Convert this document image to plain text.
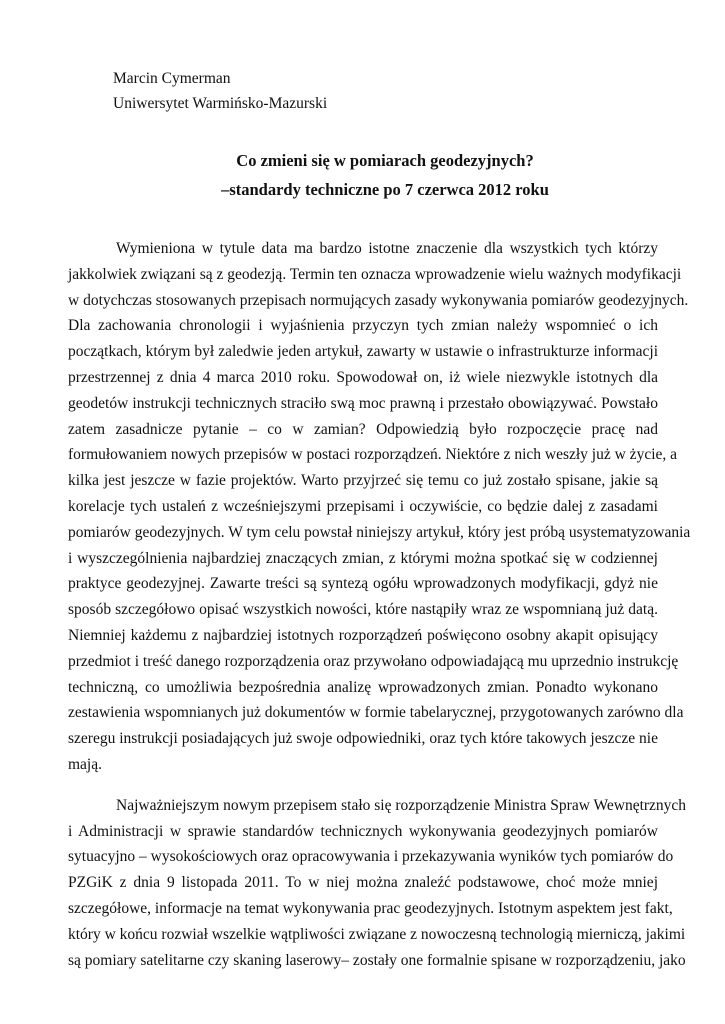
Marcin Cymerman
Uniwersytet Warmińsko-Mazurski
Co zmieni się w pomiarach geodezyjnych?
–standardy techniczne po 7 czerwca 2012 roku
Wymieniona w tytule data ma bardzo istotne znaczenie dla wszystkich tych którzy
jakkolwiek związani są z geodezją. Termin ten oznacza wprowadzenie wielu ważnych modyfikacji
w dotychczas stosowanych przepisach normujących zasady wykonywania pomiarów geodezyjnych.
Dla zachowania chronologii i wyjaśnienia przyczyn tych zmian należy wspomnieć o ich
początkach, którym był zaledwie jeden artykuł, zawarty w ustawie o infrastrukturze informacji
przestrzennej z dnia 4 marca 2010 roku. Spowodował on, iż wiele niezwykle istotnych dla
geodetów instrukcji technicznych straciło swą moc prawną i przestało obowiązywać. Powstało
zatem zasadnicze pytanie – co w zamian? Odpowiedzią było rozpoczęcie pracę nad
formułowaniem nowych przepisów w postaci rozporządzeń. Niektóre z nich weszły już w życie, a
kilka jest jeszcze w fazie projektów. Warto przyjrzeć się temu co już zostało spisane, jakie są
korelacje tych ustaleń z wcześniejszymi przepisami i oczywiście, co będzie dalej z zasadami
pomiarów geodezyjnych. W tym celu powstał niniejszy artykuł, który jest próbą usystematyzowania
i wyszczególnienia najbardziej znaczących zmian, z którymi można spotkać się w codziennej
praktyce geodezyjnej. Zawarte treści są syntezą ogółu wprowadzonych modyfikacji, gdyż nie
sposób szczegółowo opisać wszystkich nowości, które nastąpiły wraz ze wspomnianą już datą.
Niemniej każdemu z najbardziej istotnych rozporządzeń poświęcono osobny akapit opisujący
przedmiot i treść danego rozporządzenia oraz przywołano odpowiadającą mu uprzednio instrukcję
techniczną, co umożliwia bezpośrednia analizę wprowadzonych zmian. Ponadto wykonano
zestawienia wspomnianych już dokumentów w formie tabelarycznej, przygotowanych zarówno dla
szeregu instrukcji posiadających już swoje odpowiedniki, oraz tych które takowych jeszcze nie
mają.
Najważniejszym nowym przepisem stało się rozporządzenie Ministra Spraw Wewnętrznych
i Administracji w sprawie standardów technicznych wykonywania geodezyjnych pomiarów
sytuacyjno – wysokościowych oraz opracowywania i przekazywania wyników tych pomiarów do
PZGiK z dnia 9 listopada 2011. To w niej można znaleźć podstawowe, choć może mniej
szczegółowe, informacje na temat wykonywania prac geodezyjnych. Istotnym aspektem jest fakt,
który w końcu rozwiał wszelkie wątpliwości związane z nowoczesną technologią mierniczą, jakimi
są pomiary satelitarne czy skaning laserowy– zostały one formalnie spisane w rozporządzeniu, jako
